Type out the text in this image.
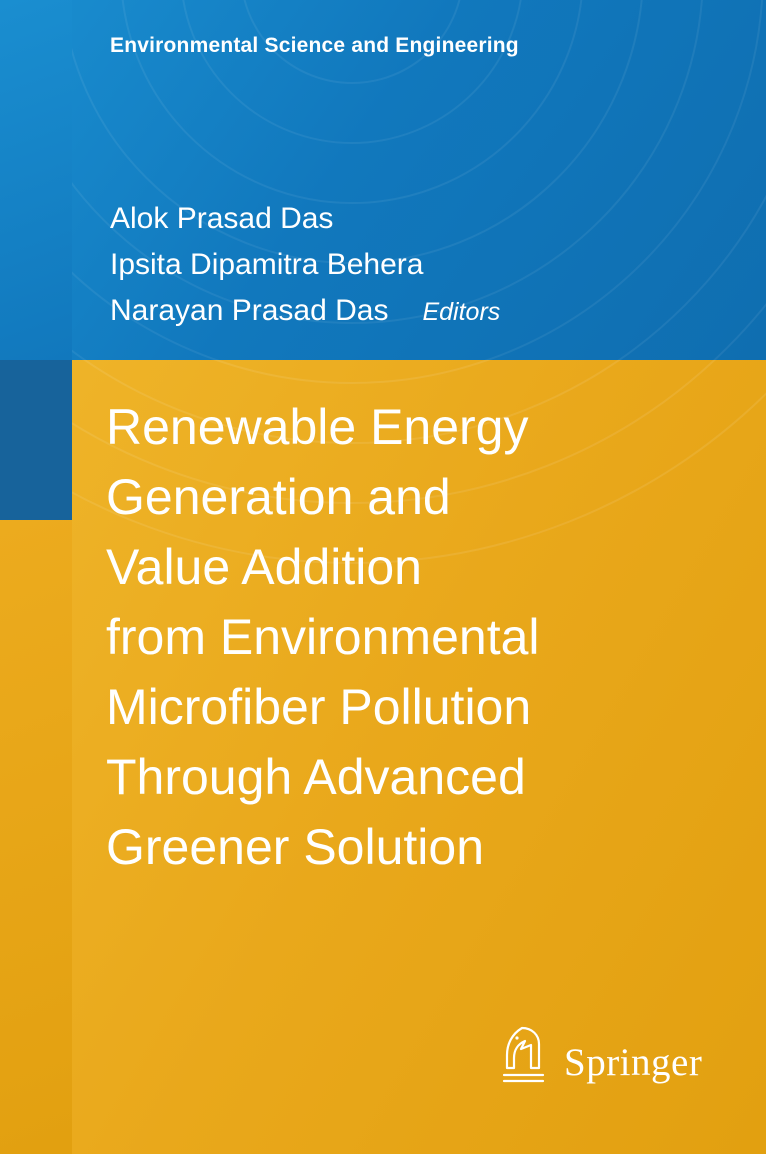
Environmental Science and Engineering
Alok Prasad Das
Ipsita Dipamitra Behera
Narayan Prasad Das Editors
Renewable Energy
Generation and
Value Addition
from Environmental
Microfiber Pollution
Through Advanced
Greener Solution
Springer
